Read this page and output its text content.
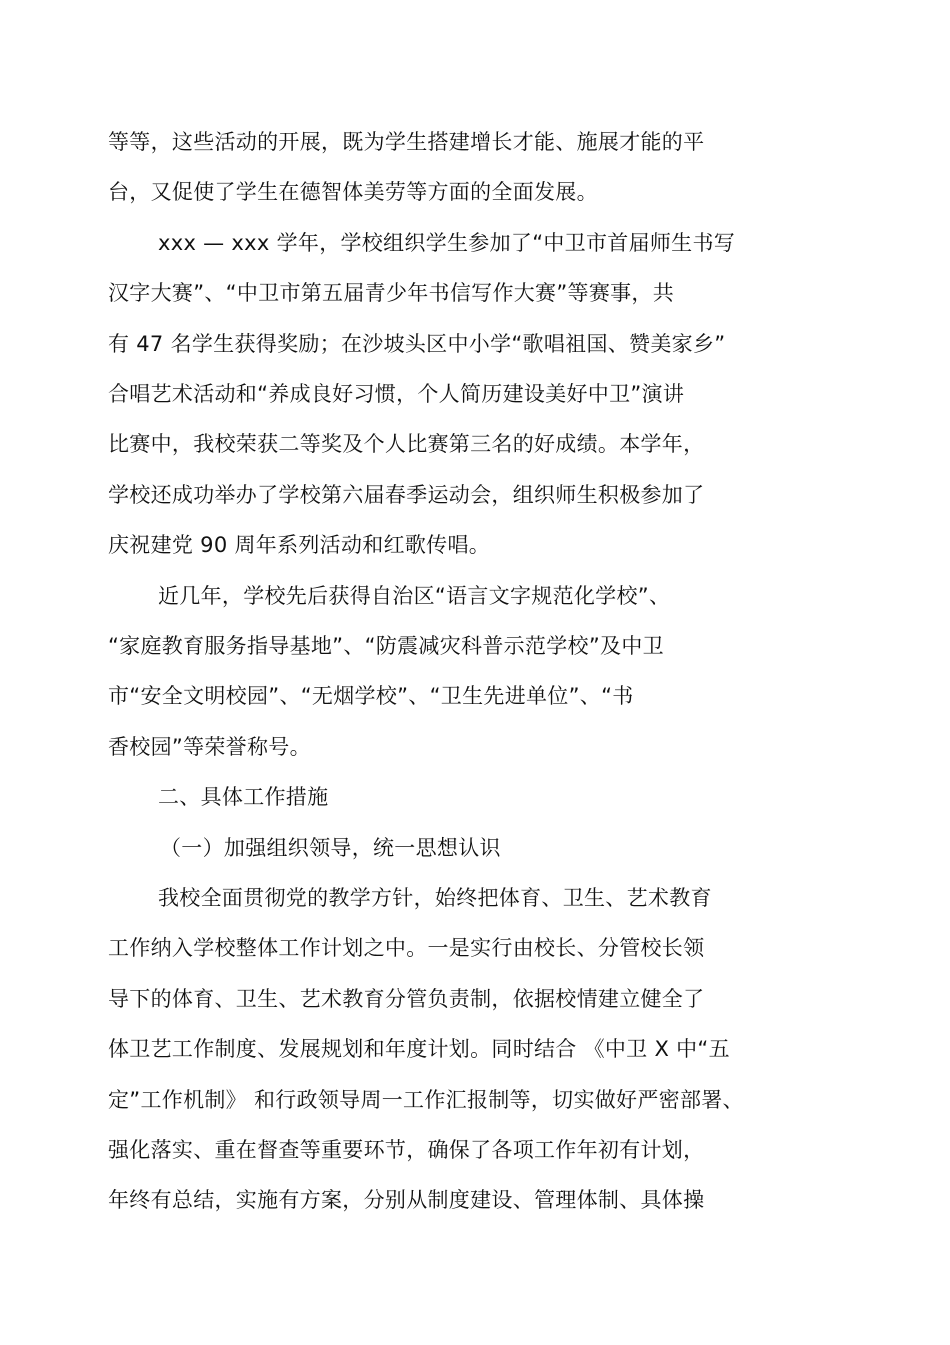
等等，这些活动的开展，既为学生搭建增长才能、施展才能的平
台，又促使了学生在德智体美劳等方面的全面发展。
xxx — xxx 学年，学校组织学生参加了“中卫市首届师生书写
汉字大赛”、“中卫市第五届青少年书信写作大赛”等赛事，共
有 47 名学生获得奖励；在沙坡头区中小学“歌唱祖国、赞美家乡”
合唱艺术活动和“养成良好习惯，个人简历建设美好中卫”演讲
比赛中，我校荣获二等奖及个人比赛第三名的好成绩。本学年，
学校还成功举办了学校第六届春季运动会，组织师生积极参加了
庆祝建党 90 周年系列活动和红歌传唱。
近几年，学校先后获得自治区“语言文字规范化学校”、
“家庭教育服务指导基地”、“防震减灾科普示范学校”及中卫
市“安全文明校园”、“无烟学校”、“卫生先进单位”、“书
香校园”等荣誉称号。
二、具体工作措施
（一）加强组织领导，统一思想认识
我校全面贯彻党的教学方针，始终把体育、卫生、艺术教育
工作纳入学校整体工作计划之中。一是实行由校长、分管校长领
导下的体育、卫生、艺术教育分管负责制，依据校情建立健全了
体卫艺工作制度、发展规划和年度计划。同时结合 《中卫 X 中“五
定”工作机制》 和行政领导周一工作汇报制等，切实做好严密部署、
强化落实、重在督查等重要环节，确保了各项工作年初有计划，
年终有总结，实施有方案，分别从制度建设、管理体制、具体操
